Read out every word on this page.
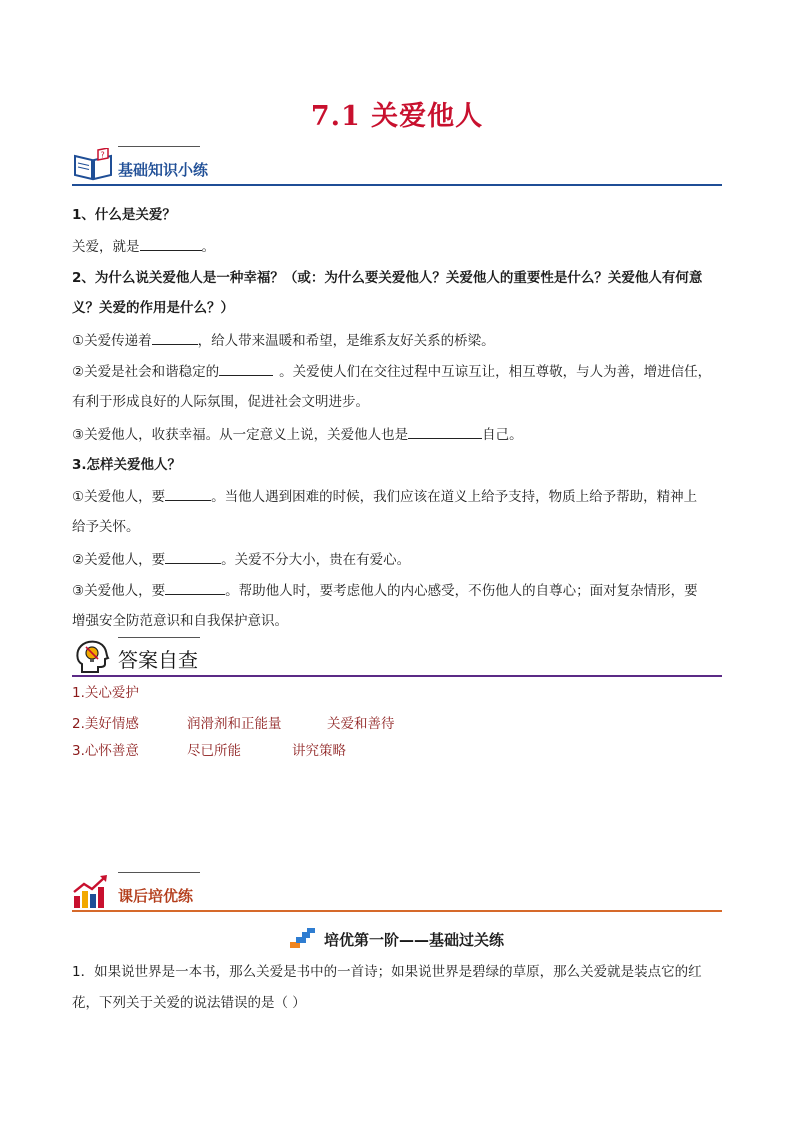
7.1 关爱他人
?
基础知识小练
1、什么是关爱？
关爱，就是	。
2、为什么说关爱他人是一种幸福？（或：为什么要关爱他人？关爱他人的重要性是什么？关爱他人有何意
义？关爱的作用是什么？）
①关爱传递着	，给人带来温暖和希望，是维系友好关系的桥梁。
②关爱是社会和谐稳定的	。关爱使人们在交往过程中互谅互让，相互尊敬，与人为善，增进信任，
有利于形成良好的人际氛围，促进社会文明进步。
③关爱他人，收获幸福。从一定意义上说，关爱他人也是	自己。
3.怎样关爱他人？
①关爱他人，要	。当他人遇到困难的时候，我们应该在道义上给予支持，物质上给予帮助，精神上
给予关怀。
②关爱他人，要	。关爱不分大小，贵在有爱心。
③关爱他人，要	。帮助他人时，要考虑他人的内心感受，不伤他人的自尊心；面对复杂情形，要
增强安全防范意识和自我保护意识。
答案自查
1.关心爱护
2.美好情感	润滑剂和正能量	关爱和善待
3.心怀善意	尽已所能	讲究策略
课后培优练
培优第一阶——基础过关练
1．如果说世界是一本书，那么关爱是书中的一首诗；如果说世界是碧绿的草原，那么关爱就是装点它的红
花，下列关于关爱的说法错误的是（ ）
